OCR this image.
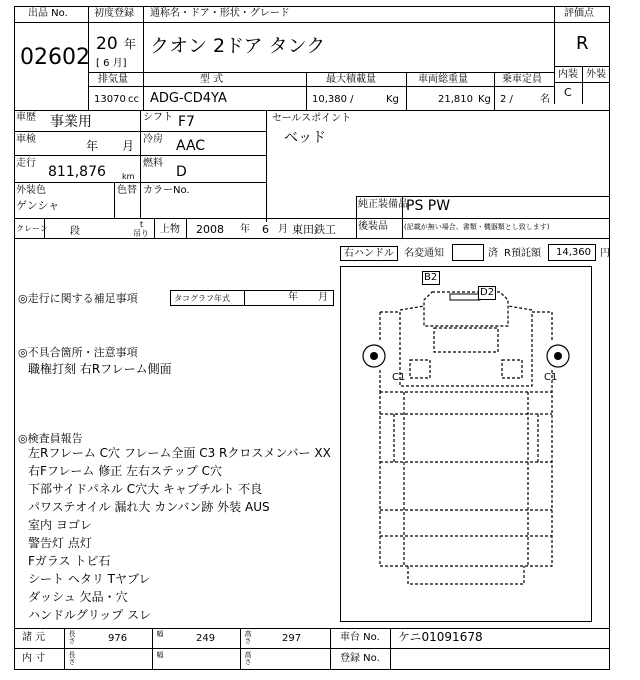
出品 No.
02602
初度登録
20 年
[ 6 月]
通称名・ドア・形状・グレード
クオン 2ドア タンク
評価点
R
内装 外装
C
排気量	型 式	最大積載量	車両総重量	乗車定員
13070 cc ADG-CD4YA	10,380 /	Kg	21,810 Kg 2 /	名
車歴 事業用	シフト F7
車検	年 月 冷房 AAC
走行
811,876 km
燃料
D
外装色
ゲンシャ
色替 カラーNo.
セールスポイント
ベッド
純正装備品
PS PW
後装品 (記載が無い場合、書類・機器類とし致します)
クレーン 段
t
吊り 上物 2008 年 6 月 東田鉄工
右ハンドル 名変通知	済 R預託額 14,360 円
◎走行に関する補足事項	タコグラフ年式	年 月
◎不具合箇所・注意事項
職権打刻 右Rフレーム側面
◎検査員報告
左Rフレーム C穴 フレーム全面 C3 Rクロスメンバー XX
右Fフレーム 修正 左右ステップ C穴
下部サイドパネル C穴大 キャブチルト 不良
パワステオイル 漏れ大 カンバン跡 外装 AUS
室内 ヨゴレ
警告灯 点灯
Fガラス トビ石
シート ヘタリ Tヤブレ
ダッシュ 欠品・穴
ハンドルグリップ スレ
B2
D2
C1	C1
諸 元	長さ	976	幅	249	高さ	297	車台 No. ケニ01091678
内 寸	長さ	幅	高さ	登録 No.
